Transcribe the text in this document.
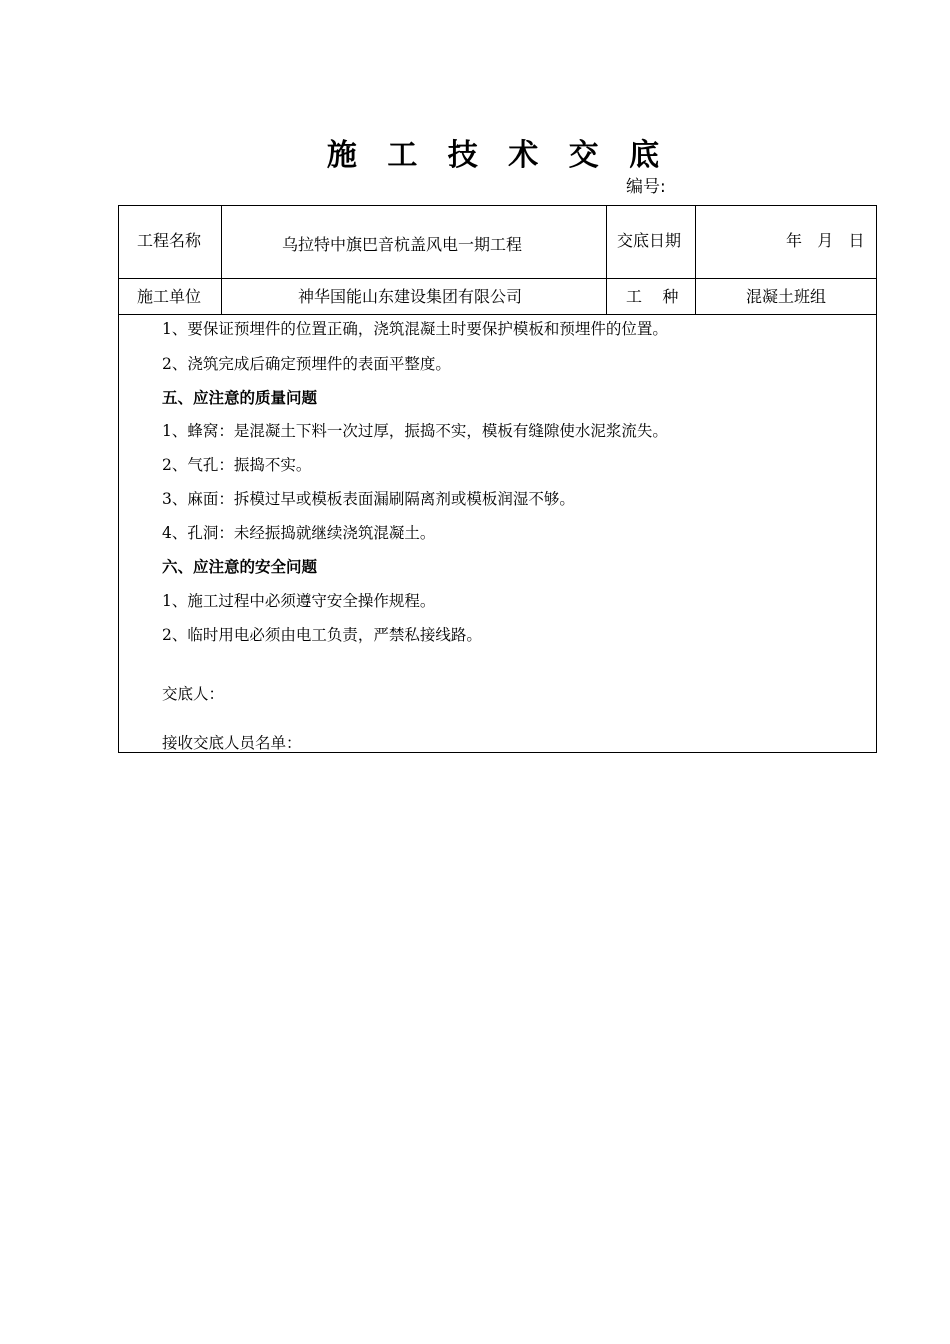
施 工 技 术 交 底
编号:
工程名称	乌拉特中旗巴音杭盖风电一期工程	交底日期	年   月   日
施工单位	神华国能山东建设集团有限公司	工    种	混凝土班组
1、要保证预埋件的位置正确，浇筑混凝土时要保护模板和预埋件的位置。
2、浇筑完成后确定预埋件的表面平整度。
五、应注意的质量问题
1、蜂窝：是混凝土下料一次过厚，振捣不实，模板有缝隙使水泥浆流失。
2、气孔：振捣不实。
3、麻面：拆模过早或模板表面漏刷隔离剂或模板润湿不够。
4、孔洞：未经振捣就继续浇筑混凝土。
六、应注意的安全问题
1、施工过程中必须遵守安全操作规程。
2、临时用电必须由电工负责，严禁私接线路。
交底人：
接收交底人员名单：
